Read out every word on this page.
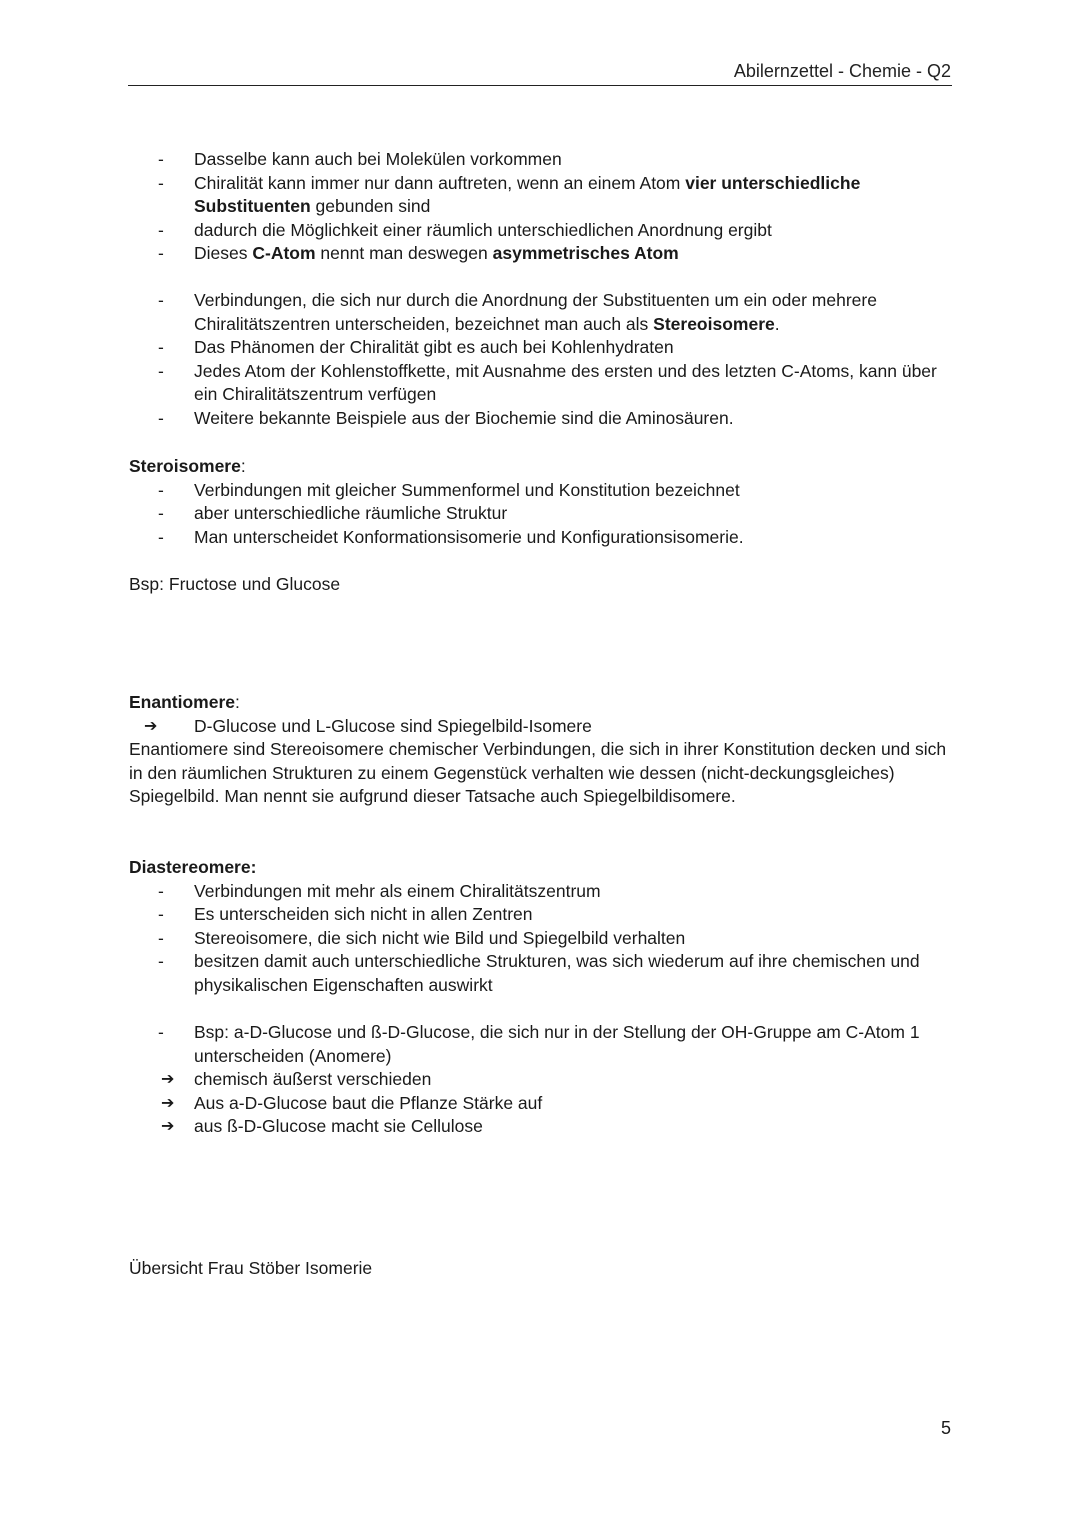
Abilernzettel - Chemie - Q2
-	Dasselbe kann auch bei Molekülen vorkommen
-	Chiralität kann immer nur dann auftreten, wenn an einem Atom vier unterschiedliche Substituenten gebunden sind
-	dadurch die Möglichkeit einer räumlich unterschiedlichen Anordnung ergibt
-	Dieses C-Atom nennt man deswegen asymmetrisches Atom
-	Verbindungen, die sich nur durch die Anordnung der Substituenten um ein oder mehrere Chiralitätszentren unterscheiden, bezeichnet man auch als Stereoisomere.
-	Das Phänomen der Chiralität gibt es auch bei Kohlenhydraten
-	Jedes Atom der Kohlenstoffkette, mit Ausnahme des ersten und des letzten C-Atoms, kann über ein Chiralitätszentrum verfügen
-	Weitere bekannte Beispiele aus der Biochemie sind die Aminosäuren.
Steroisomere:
-	Verbindungen mit gleicher Summenformel und Konstitution bezeichnet
-	aber unterschiedliche räumliche Struktur
-	Man unterscheidet Konformationsisomerie und Konfigurationsisomerie.
Bsp: Fructose und Glucose
Enantiomere:
➔ D-Glucose und L-Glucose sind Spiegelbild-Isomere

Enantiomere sind Stereoisomere chemischer Verbindungen, die sich in ihrer Konstitution decken und sich in den räumlichen Strukturen zu einem Gegenstück verhalten wie dessen (nicht-deckungsgleiches) Spiegelbild. Man nennt sie aufgrund dieser Tatsache auch Spiegelbildisomere.

Diastereomere:
-	Verbindungen mit mehr als einem Chiralitätszentrum
-	Es unterscheiden sich nicht in allen Zentren
-	Stereoisomere, die sich nicht wie Bild und Spiegelbild verhalten
-	besitzen damit auch unterschiedliche Strukturen, was sich wiederum auf ihre chemischen und physikalischen Eigenschaften auswirkt
-	Bsp: a-D-Glucose und ß-D-Glucose, die sich nur in der Stellung der OH-Gruppe am C-Atom 1 unterscheiden (Anomere)
➔	chemisch äußerst verschieden
➔	Aus a-D-Glucose baut die Pflanze Stärke auf
➔	aus ß-D-Glucose macht sie Cellulose
Übersicht Frau Stöber Isomerie
5
